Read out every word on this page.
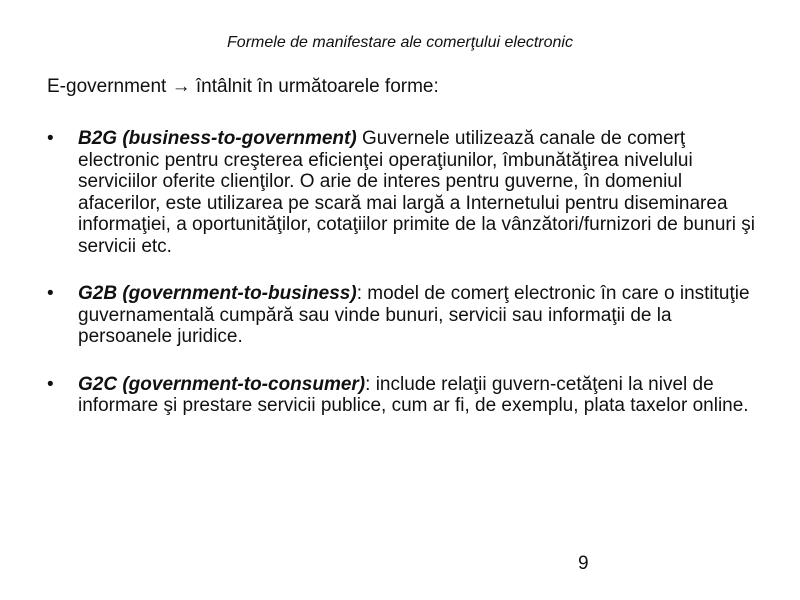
Formele de manifestare ale comerţului electronic
E-government → întâlnit în următoarele forme:
• B2G (business-to-government) Guvernele utilizează canale de comerţ electronic pentru creşterea eficienţei operaţiunilor, îmbunătăţirea nivelului serviciilor oferite clienţilor. O arie de interes pentru guverne, în domeniul afacerilor, este utilizarea pe scară mai largă a Internetului pentru diseminarea informaţiei, a oportunităţilor, cotaţiilor primite de la vânzători/furnizori de bunuri şi servicii etc.
• G2B (government-to-business): model de comerţ electronic în care o instituţie guvernamentală cumpără sau vinde bunuri, servicii sau informaţii de la persoanele juridice.
• G2C (government-to-consumer): include relaţii guvern-cetăţeni la nivel de informare şi prestare servicii publice, cum ar fi, de exemplu, plata taxelor online.
9
